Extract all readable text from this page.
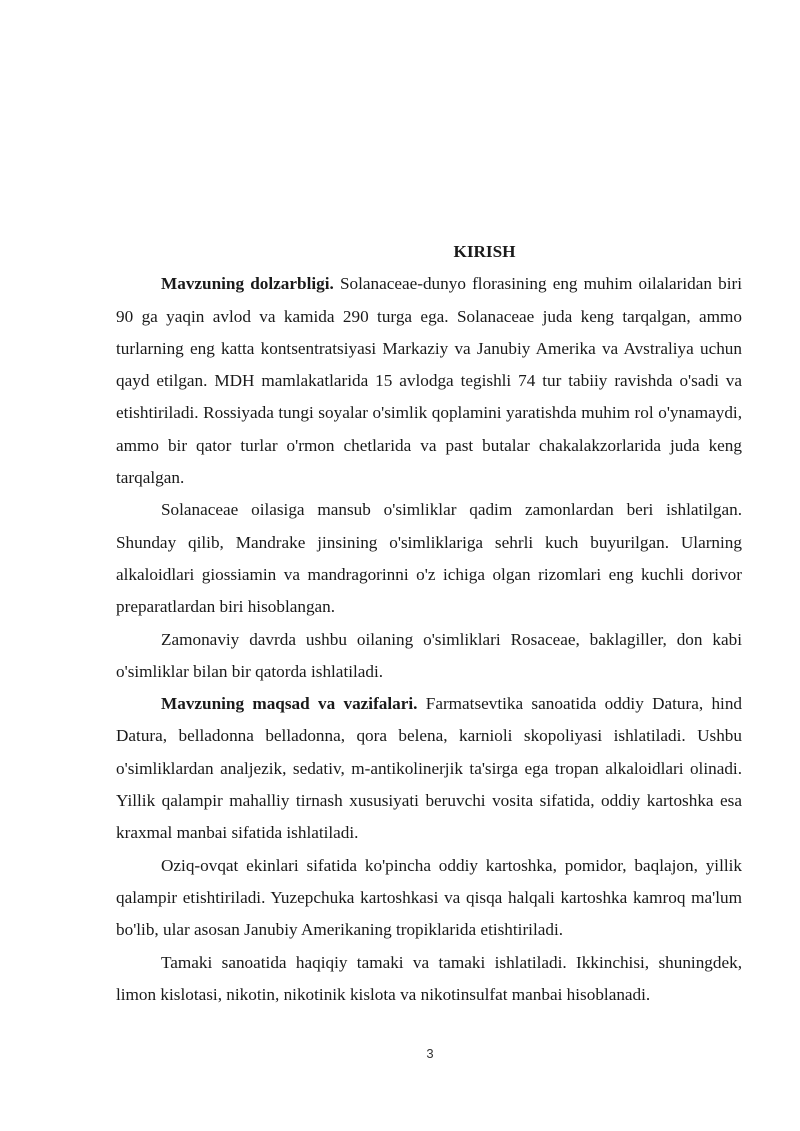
KIRISH

Mavzuning dolzarbligi. Solanaceae-dunyo florasining eng muhim oilalaridan biri 90 ga yaqin avlod va kamida 290 turga ega. Solanaceae juda keng tarqalgan, ammo turlarning eng katta kontsentratsiyasi Markaziy va Janubiy Amerika va Avstraliya uchun qayd etilgan. MDH mamlakatlarida 15 avlodga tegishli 74 tur tabiiy ravishda o'sadi va etishtiriladi. Rossiyada tungi soyalar o'simlik qoplamini yaratishda muhim rol o'ynamaydi, ammo bir qator turlar o'rmon chetlarida va past butalar chakalakzorlarida juda keng tarqalgan.

Solanaceae oilasiga mansub o'simliklar qadim zamonlardan beri ishlatilgan. Shunday qilib, Mandrake jinsining o'simliklariga sehrli kuch buyurilgan. Ularning alkaloidlari giossiamin va mandragorinni o'z ichiga olgan rizomlari eng kuchli dorivor preparatlardan biri hisoblangan.

Zamonaviy davrda ushbu oilaning o'simliklari Rosaceae, baklagiller, don kabi o'simliklar bilan bir qatorda ishlatiladi.

Mavzuning maqsad va vazifalari. Farmatsevtika sanoatida oddiy Datura, hind Datura, belladonna belladonna, qora belena, karnioli skopoliyasi ishlatiladi. Ushbu o'simliklardan analjezik, sedativ, m-antikolinerjik ta'sirga ega tropan alkaloidlari olinadi. Yillik qalampir mahalliy tirnash xususiyati beruvchi vosita sifatida, oddiy kartoshka esa kraxmal manbai sifatida ishlatiladi.

Oziq-ovqat ekinlari sifatida ko'pincha oddiy kartoshka, pomidor, baqlajon, yillik qalampir etishtiriladi. Yuzepchuka kartoshkasi va qisqa halqali kartoshka kamroq ma'lum bo'lib, ular asosan Janubiy Amerikaning tropiklarida etishtiriladi.

Tamaki sanoatida haqiqiy tamaki va tamaki ishlatiladi. Ikkinchisi, shuningdek, limon kislotasi, nikotin, nikotinik kislota va nikotinsulfat manbai hisoblanadi.

3
